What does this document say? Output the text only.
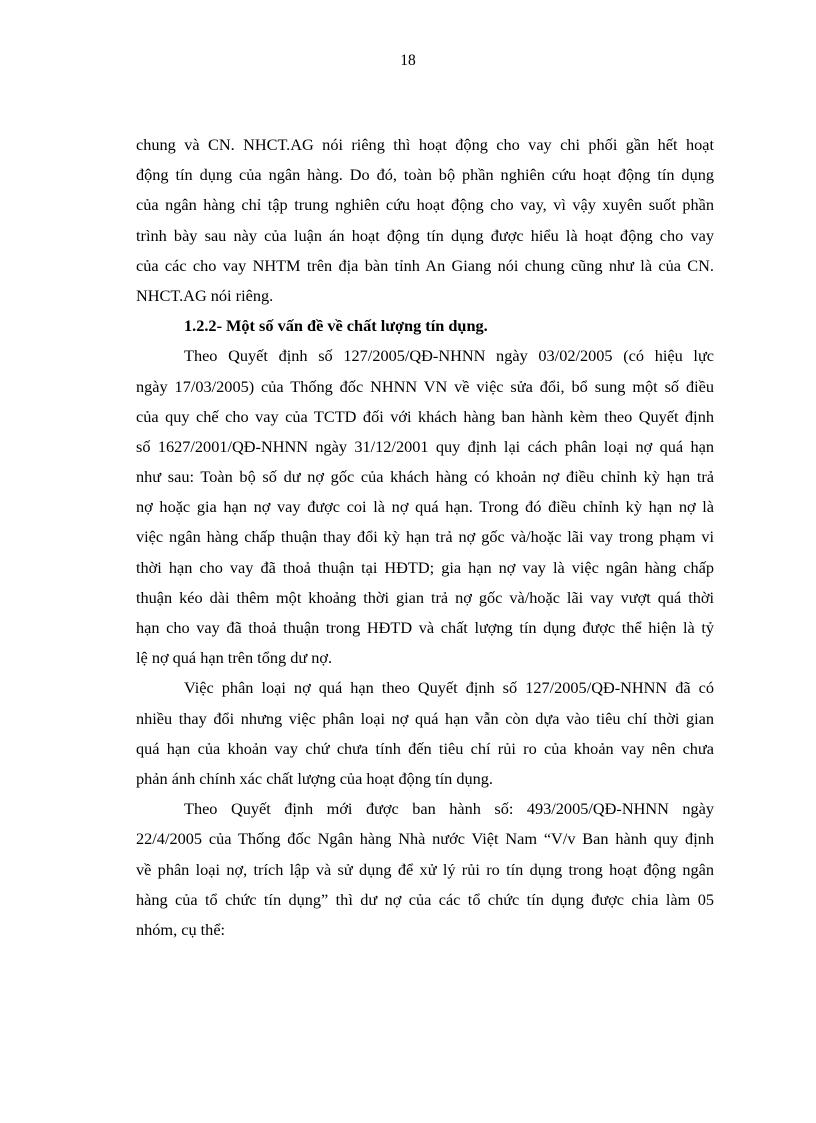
18
chung và CN. NHCT.AG nói riêng thì hoạt động cho vay chi phối gần hết hoạt
động tín dụng của ngân hàng. Do đó, toàn bộ phần nghiên cứu hoạt động tín dụng
của ngân hàng chỉ tập trung nghiên cứu hoạt động cho vay, vì vậy xuyên suốt phần
trình bày sau này của luận án hoạt động tín dụng được hiểu là hoạt động cho vay
của các cho vay NHTM trên địa bàn tỉnh An Giang nói chung cũng như là của CN.
NHCT.AG nói riêng.
1.2.2- Một số vấn đề về chất lượng tín dụng.
Theo Quyết định số 127/2005/QĐ-NHNN ngày 03/02/2005 (có hiệu lực
ngày 17/03/2005) của Thống đốc NHNN VN về việc sửa đổi, bổ sung một số điều
của quy chế cho vay của TCTD đối với khách hàng ban hành kèm theo Quyết định
số 1627/2001/QĐ-NHNN ngày 31/12/2001 quy định lại cách phân loại nợ quá hạn
như sau: Toàn bộ số dư nợ gốc của khách hàng có khoản nợ điều chỉnh kỳ hạn trả
nợ hoặc gia hạn nợ vay được coi là nợ quá hạn. Trong đó điều chỉnh kỳ hạn nợ là
việc ngân hàng chấp thuận thay đổi kỳ hạn trả nợ gốc và/hoặc lãi vay trong phạm vi
thời hạn cho vay đã thoả thuận tại HĐTD; gia hạn nợ vay là việc ngân hàng chấp
thuận kéo dài thêm một khoảng thời gian trả nợ gốc và/hoặc lãi vay vượt quá thời
hạn cho vay đã thoả thuận trong HĐTD và chất lượng tín dụng được thể hiện là tỷ
lệ nợ quá hạn trên tổng dư nợ.
Việc phân loại nợ quá hạn theo Quyết định số 127/2005/QĐ-NHNN đã có
nhiều thay đổi nhưng việc phân loại nợ quá hạn vẫn còn dựa vào tiêu chí thời gian
quá hạn của khoản vay chứ chưa tính đến tiêu chí rủi ro của khoản vay nên chưa
phản ánh chính xác chất lượng của hoạt động tín dụng.
Theo Quyết định mới được ban hành số: 493/2005/QĐ-NHNN ngày
22/4/2005 của Thống đốc Ngân hàng Nhà nước Việt Nam “V/v Ban hành quy định
về phân loại nợ, trích lập và sử dụng để xử lý rủi ro tín dụng trong hoạt động ngân
hàng của tổ chức tín dụng” thì dư nợ của các tổ chức tín dụng được chia làm 05
nhóm, cụ thể:
